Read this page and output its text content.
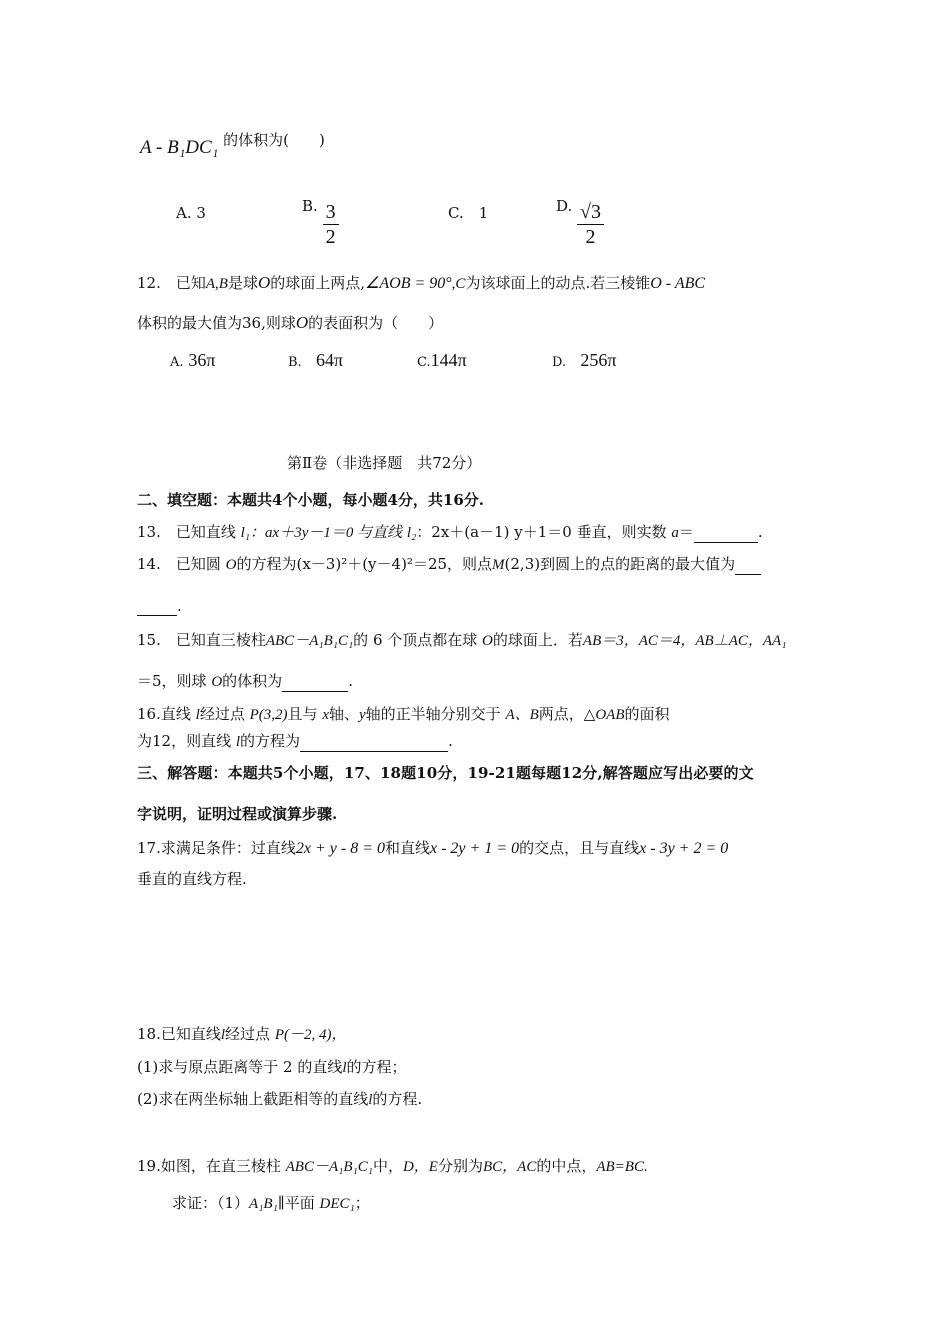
A - B₁DC₁ 的体积为(　　)
A. 3	B. $\frac{3}{2}$	C.　1	D. $\frac{√3}{2}$
12.　已知A,B是球O的球面上两点,∠AOB = 90°,C为该球面上的动点.若三棱锥O - ABC
体积的最大值为36,则球O的表面积为（　　）
A. 36π	B. 64π	C.144π	D. 256π
第Ⅱ卷（非选择题　共72分）
二、填空题：本题共4个小题，每小题4分，共16分.
13.　已知直线 l₁：ax＋3y－1＝0 与直线 l₂：2x＋(a－1) y＋1＝0 垂直，则实数 a＝	.
14.　已知圆 O的方程为(x－3)²＋(y－4)²＝25，则点M(2,3)到圆上的点的距离的最大值为
.
15.　已知直三棱柱ABC－A₁B₁C₁的 6 个顶点都在球 O的球面上．若AB＝3，AC＝4，AB⊥AC，AA₁
＝5，则球 O的体积为	.
16.直线 l经过点 P(3,2)且与 x轴、y轴的正半轴分别交于 A、B两点，△OAB的面积
为12，则直线 l的方程为	.
三、解答题：本题共5个小题，17、18题10分，19-21题每题12分,解答题应写出必要的文
字说明，证明过程或演算步骤.
17.求满足条件：过直线2x + y - 8 = 0和直线x - 2y + 1 = 0的交点，且与直线x - 3y + 2 = 0
垂直的直线方程.
18.已知直线l经过点 P(－2, 4)，
(1)求与原点距离等于 2 的直线l的方程；
(2)求在两坐标轴上截距相等的直线l的方程.
19.如图，在直三棱柱 ABC－A₁B₁C₁中，D，E分别为BC，AC的中点，AB=BC.
求证：（1）A₁B₁∥平面 DEC₁；
